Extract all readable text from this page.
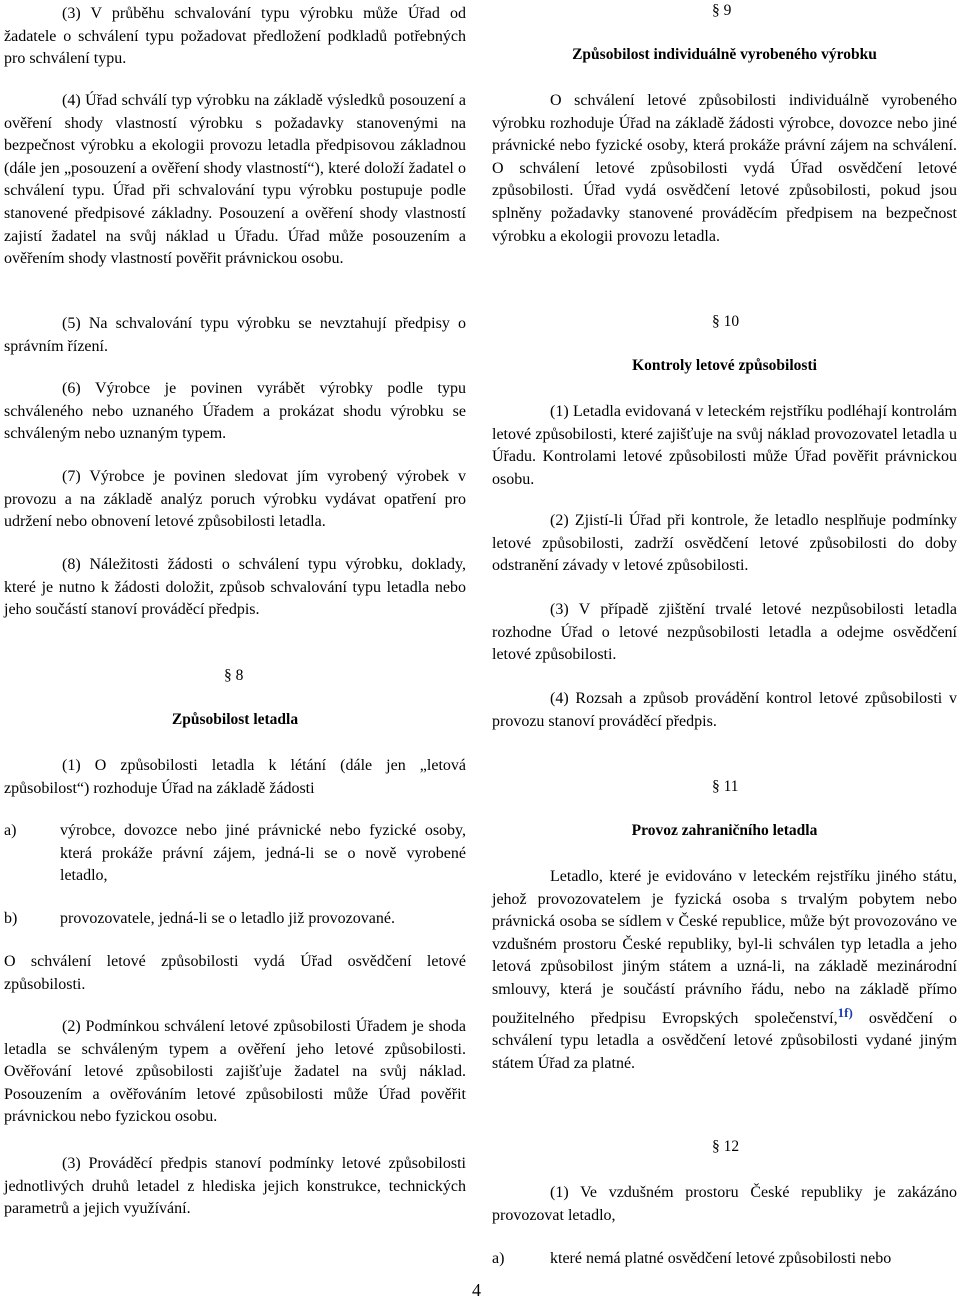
(3) V průběhu schvalování typu výrobku může Úřad od žadatele o schválení typu požadovat předložení podkladů potřebných pro schválení typu.

(4) Úřad schválí typ výrobku na základě výsledků posouzení a ověření shody vlastností výrobku s požadavky stanovenými na bezpečnost výrobku a ekologii provozu letadla předpisovou základnou (dále jen „posouzení a ověření shody vlastností“), které doloží žadatel o schválení typu. Úřad při schvalování typu výrobku postupuje podle stanovené předpisové základny. Posouzení a ověření shody vlastností zajistí žadatel na svůj náklad u Úřadu. Úřad může posouzením a ověřením shody vlastností pověřit právnickou osobu.

(5) Na schvalování typu výrobku se nevztahují předpisy o správním řízení.

(6) Výrobce je povinen vyrábět výrobky podle typu schváleného nebo uznaného Úřadem a prokázat shodu výrobku se schváleným nebo uznaným typem.

(7) Výrobce je povinen sledovat jím vyrobený výrobek v provozu a na základě analýz poruch výrobku vydávat opatření pro udržení nebo obnovení letové způsobilosti letadla.

(8) Náležitosti žádosti o schválení typu výrobku, doklady, které je nutno k žádosti doložit, způsob schvalování typu letadla nebo jeho součástí stanoví prováděcí předpis.

§ 8

Způsobilost letadla

(1) O způsobilosti letadla k létání (dále jen „letová způsobilost“) rozhoduje Úřad na základě žádosti

a)	výrobce, dovozce nebo jiné právnické nebo fyzické osoby, která prokáže právní zájem, jedná-li se o nově vyrobené letadlo,
b)	provozovatele, jedná-li se o letadlo již provozované.

O schválení letové způsobilosti vydá Úřad osvědčení letové způsobilosti.

(2) Podmínkou schválení letové způsobilosti Úřadem je shoda letadla se schváleným typem a ověření jeho letové způsobilosti. Ověřování letové způsobilosti zajišťuje žadatel na svůj náklad. Posouzením a ověřováním letové způsobilosti může Úřad pověřit právnickou nebo fyzickou osobu.

(3) Prováděcí předpis stanoví podmínky letové způsobilosti jednotlivých druhů letadel z hlediska jejich konstrukce, technických parametrů a jejich využívání.

§ 9

Způsobilost individuálně vyrobeného výrobku

O schválení letové způsobilosti individuálně vyrobeného výrobku rozhoduje Úřad na základě žádosti výrobce, dovozce nebo jiné právnické nebo fyzické osoby, která prokáže právní zájem na schválení. O schválení letové způsobilosti vydá Úřad osvědčení letové způsobilosti. Úřad vydá osvědčení letové způsobilosti, pokud jsou splněny požadavky stanovené prováděcím předpisem na bezpečnost výrobku a ekologii provozu letadla.

§ 10

Kontroly letové způsobilosti

(1) Letadla evidovaná v leteckém rejstříku podléhají kontrolám letové způsobilosti, které zajišťuje na svůj náklad provozovatel letadla u Úřadu. Kontrolami letové způsobilosti může Úřad pověřit právnickou osobu.

(2) Zjistí-li Úřad při kontrole, že letadlo nesplňuje podmínky letové způsobilosti, zadrží osvědčení letové způsobilosti do doby odstranění závady v letové způsobilosti.

(3) V případě zjištění trvalé letové nezpůsobilosti letadla rozhodne Úřad o letové nezpůsobilosti letadla a odejme osvědčení letové způsobilosti.

(4) Rozsah a způsob provádění kontrol letové způsobilosti v provozu stanoví prováděcí předpis.

§ 11

Provoz zahraničního letadla

Letadlo, které je evidováno v leteckém rejstříku jiného státu, jehož provozovatelem je fyzická osoba s trvalým pobytem nebo právnická osoba se sídlem v České republice, může být provozováno ve vzdušném prostoru České republiky, byl-li schválen typ letadla a jeho letová způsobilost jiným státem a uzná-li, na základě mezinárodní smlouvy, která je součástí právního řádu, nebo na základě přímo použitelného předpisu Evropských společenství,$^{1f)}$ osvědčení o schválení typu letadla a osvědčení letové způsobilosti vydané jiným státem Úřad za platné.

§ 12

(1) Ve vzdušném prostoru České republiky je zakázáno provozovat letadlo,

a)	které nemá platné osvědčení letové způsobilosti nebo
4
